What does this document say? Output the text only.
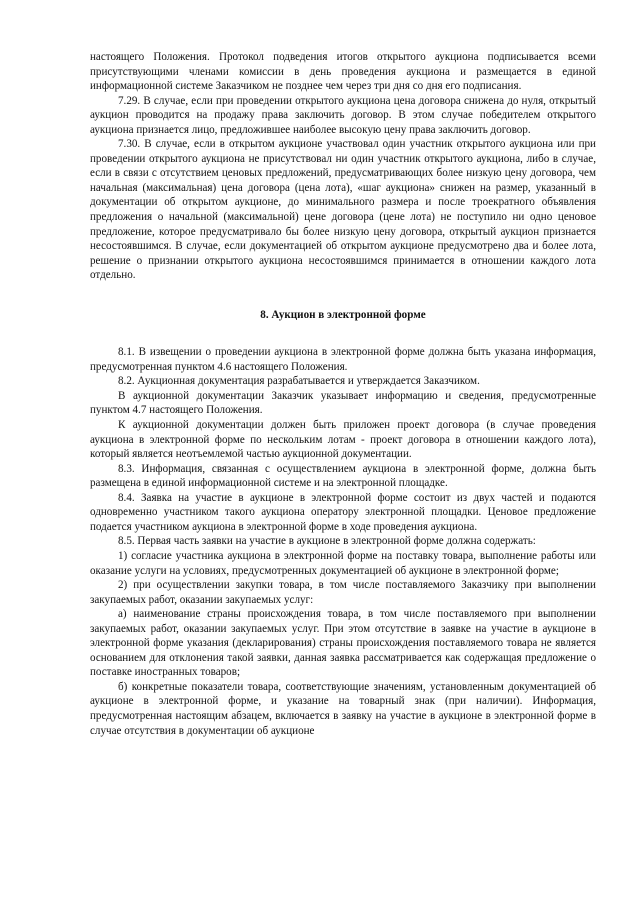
настоящего Положения. Протокол подведения итогов открытого аукциона подписывается всеми присутствующими членами комиссии в день проведения аукциона и размещается в единой информационной системе Заказчиком не позднее чем через три дня со дня его подписания.

7.29. В случае, если при проведении открытого аукциона цена договора снижена до нуля, открытый аукцион проводится на продажу права заключить договор. В этом случае победителем открытого аукциона признается лицо, предложившее наиболее высокую цену права заключить договор.

7.30. В случае, если в открытом аукционе участвовал один участник открытого аукциона или при проведении открытого аукциона не присутствовал ни один участник открытого аукциона, либо в случае, если в связи с отсутствием ценовых предложений, предусматривающих более низкую цену договора, чем начальная (максимальная) цена договора (цена лота), «шаг аукциона» снижен на размер, указанный в документации об открытом аукционе, до минимального размера и после троекратного объявления предложения о начальной (максимальной) цене договора (цене лота) не поступило ни одно ценовое предложение, которое предусматривало бы более низкую цену договора, открытый аукцион признается несостоявшимся. В случае, если документацией об открытом аукционе предусмотрено два и более лота, решение о признании открытого аукциона несостоявшимся принимается в отношении каждого лота отдельно.

8. Аукцион в электронной форме

8.1. В извещении о проведении аукциона в электронной форме должна быть указана информация, предусмотренная пунктом 4.6 настоящего Положения.

8.2. Аукционная документация разрабатывается и утверждается Заказчиком.

В аукционной документации Заказчик указывает информацию и сведения, предусмотренные пунктом 4.7 настоящего Положения.

К аукционной документации должен быть приложен проект договора (в случае проведения аукциона в электронной форме по нескольким лотам - проект договора в отношении каждого лота), который является неотъемлемой частью аукционной документации.

8.3. Информация, связанная с осуществлением аукциона в электронной форме, должна быть размещена в единой информационной системе и на электронной площадке.

8.4. Заявка на участие в аукционе в электронной форме состоит из двух частей и подаются одновременно участником такого аукциона оператору электронной площадки. Ценовое предложение подается участником аукциона в электронной форме в ходе проведения аукциона.

8.5. Первая часть заявки на участие в аукционе в электронной форме должна содержать:

1) согласие участника аукциона в электронной форме на поставку товара, выполнение работы или оказание услуги на условиях, предусмотренных документацией об аукционе в электронной форме;

2) при осуществлении закупки товара, в том числе поставляемого Заказчику при выполнении закупаемых работ, оказании закупаемых услуг:

а) наименование страны происхождения товара, в том числе поставляемого при выполнении закупаемых работ, оказании закупаемых услуг. При этом отсутствие в заявке на участие в аукционе в электронной форме указания (декларирования) страны происхождения поставляемого товара не является основанием для отклонения такой заявки, данная заявка рассматривается как содержащая предложение о поставке иностранных товаров;

б) конкретные показатели товара, соответствующие значениям, установленным документацией об аукционе в электронной форме, и указание на товарный знак (при наличии). Информация, предусмотренная настоящим абзацем, включается в заявку на участие в аукционе в электронной форме в случае отсутствия в документации об аукционе
